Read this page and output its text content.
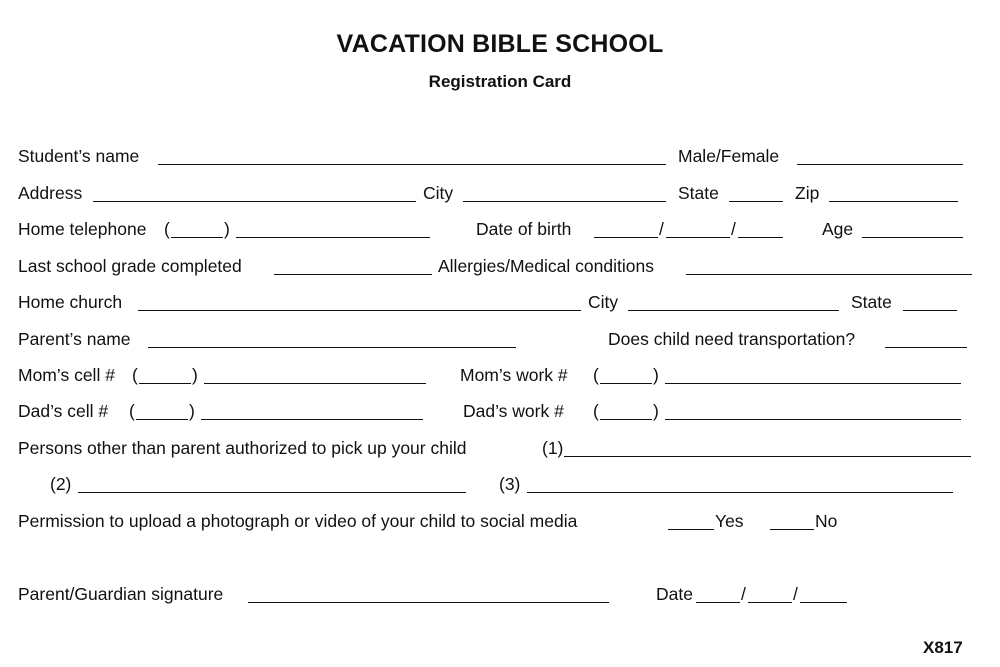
VACATION BIBLE SCHOOL
Registration Card
Student’s name	Male/Female
Address	City	State	Zip
Home telephone (	)	Date of birth	/	/	Age
Last school grade completed	Allergies/Medical conditions
Home church	City	State
Parent’s name	Does child need transportation?
Mom’s cell # (	)	Mom’s work # (	)
Dad’s cell # (	)	Dad’s work # (	)
Persons other than parent authorized to pick up your child	(1)
(2)	(3)
Permission to upload a photograph or video of your child to social media	Yes	No
Parent/Guardian signature	Date	/	/
X817
